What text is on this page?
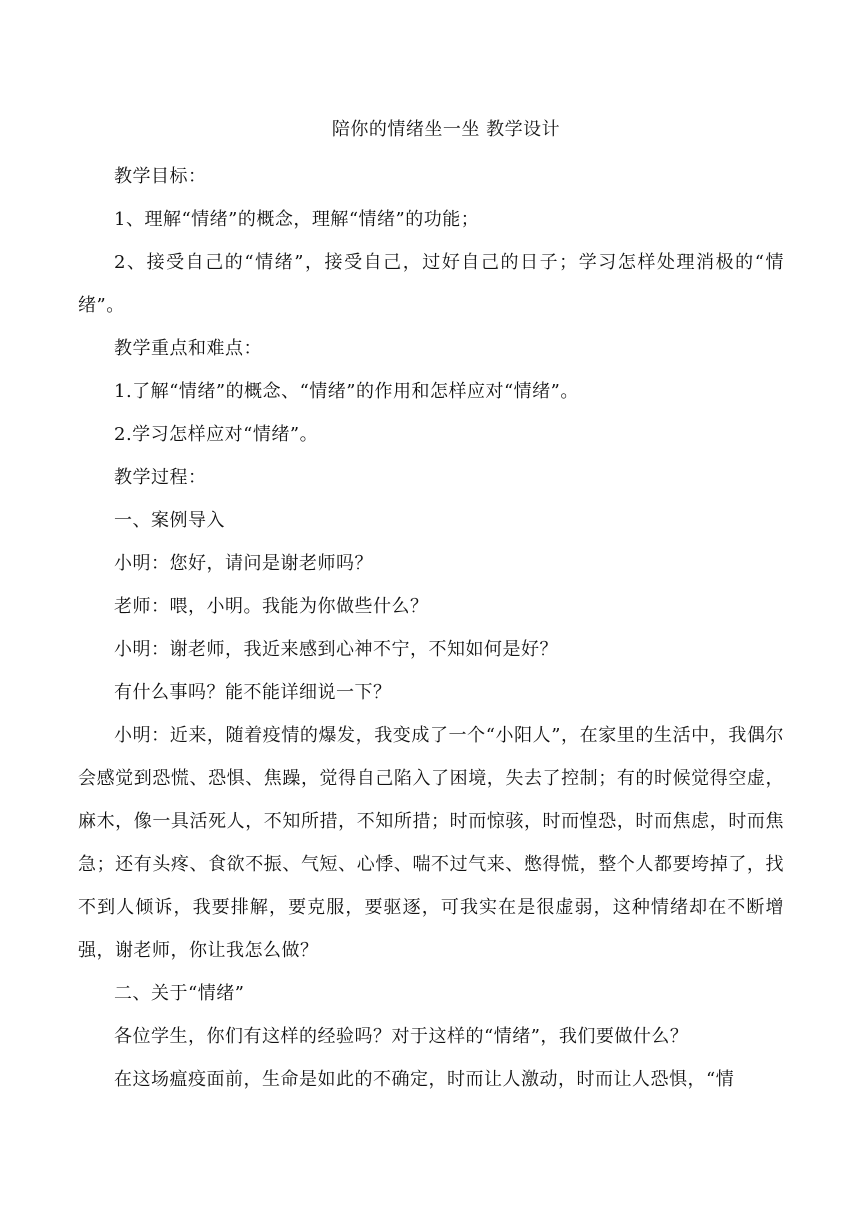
陪你的情绪坐一坐 教学设计

教学目标：

1、理解“情绪”的概念，理解“情绪”的功能；

2、接受自己的“情绪”，接受自己，过好自己的日子；学习怎样处理消极的“情绪”。

教学重点和难点：

1.了解“情绪”的概念、“情绪”的作用和怎样应对“情绪”。

2.学习怎样应对“情绪”。

教学过程：

一、案例导入

小明：您好，请问是谢老师吗？

老师：喂，小明。我能为你做些什么？

小明：谢老师，我近来感到心神不宁，不知如何是好？

有什么事吗？能不能详细说一下？

小明：近来，随着疫情的爆发，我变成了一个“小阳人”，在家里的生活中，我偶尔会感觉到恐慌、恐惧、焦躁，觉得自己陷入了困境，失去了控制；有的时候觉得空虚，麻木，像一具活死人，不知所措，不知所措；时而惊骇，时而惶恐，时而焦虑，时而焦急；还有头疼、食欲不振、气短、心悸、喘不过气来、憋得慌，整个人都要垮掉了，找不到人倾诉，我要排解，要克服，要驱逐，可我实在是很虚弱，这种情绪却在不断增强，谢老师，你让我怎么做？

二、关于“情绪”

各位学生，你们有这样的经验吗？对于这样的“情绪”，我们要做什么？

在这场瘟疫面前，生命是如此的不确定，时而让人激动，时而让人恐惧，“情
